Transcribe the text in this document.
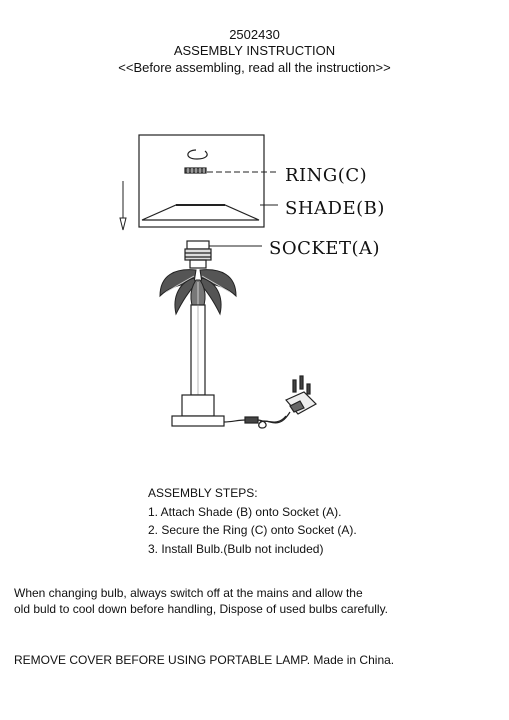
2502430
ASSEMBLY INSTRUCTION
<<Before assembling, read all the instruction>>
RING(C)
SHADE(B)
SOCKET(A)
ASSEMBLY STEPS:
1. Attach Shade (B) onto Socket (A).
2. Secure the Ring (C) onto Socket (A).
3. Install Bulb.(Bulb not included)
When changing bulb, always switch off at the mains and allow the
old buld to cool down before handling, Dispose of used bulbs carefully.
REMOVE COVER BEFORE USING PORTABLE LAMP. Made in China.
